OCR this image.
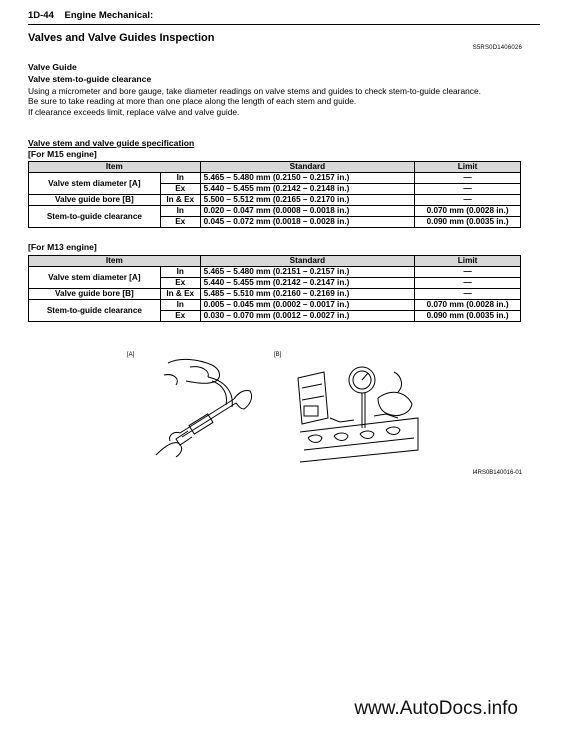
1D-44 Engine Mechanical:
Valves and Valve Guides Inspection
S5RS0D1406026
Valve Guide
Valve stem-to-guide clearance

Using a micrometer and bore gauge, take diameter readings on valve stems and guides to check stem-to-guide clearance.

Be sure to take reading at more than one place along the length of each stem and guide.

If clearance exceeds limit, replace valve and valve guide.

Valve stem and valve guide specification
[For M15 engine]
Item		Standard	Limit
Valve stem diameter [A]	In	5.465 – 5.480 mm (0.2150 – 0.2157 in.)	—
	Ex	5.440 – 5.455 mm (0.2142 – 0.2148 in.)	—
Valve guide bore [B]	In & Ex	5.500 – 5.512 mm (0.2165 – 0.2170 in.)	—
Stem-to-guide clearance	In	0.020 – 0.047 mm (0.0008 – 0.0018 in.)	0.070 mm (0.0028 in.)
	Ex	0.045 – 0.072 mm (0.0018 – 0.0028 in.)	0.090 mm (0.0035 in.)
[For M13 engine]
Item		Standard	Limit
Valve stem diameter [A]	In	5.465 – 5.480 mm (0.2151 – 0.2157 in.)	—
	Ex	5.440 – 5.455 mm (0.2142 – 0.2147 in.)	—
Valve guide bore [B]	In & Ex	5.485 – 5.510 mm (0.2160 – 0.2169 in.)	—
Stem-to-guide clearance	In	0.005 – 0.045 mm (0.0002 – 0.0017 in.)	0.070 mm (0.0028 in.)
	Ex	0.030 – 0.070 mm (0.0012 – 0.0027 in.)	0.090 mm (0.0035 in.)
[A]	[B]
I4RS0B140016-01
www.AutoDocs.info
